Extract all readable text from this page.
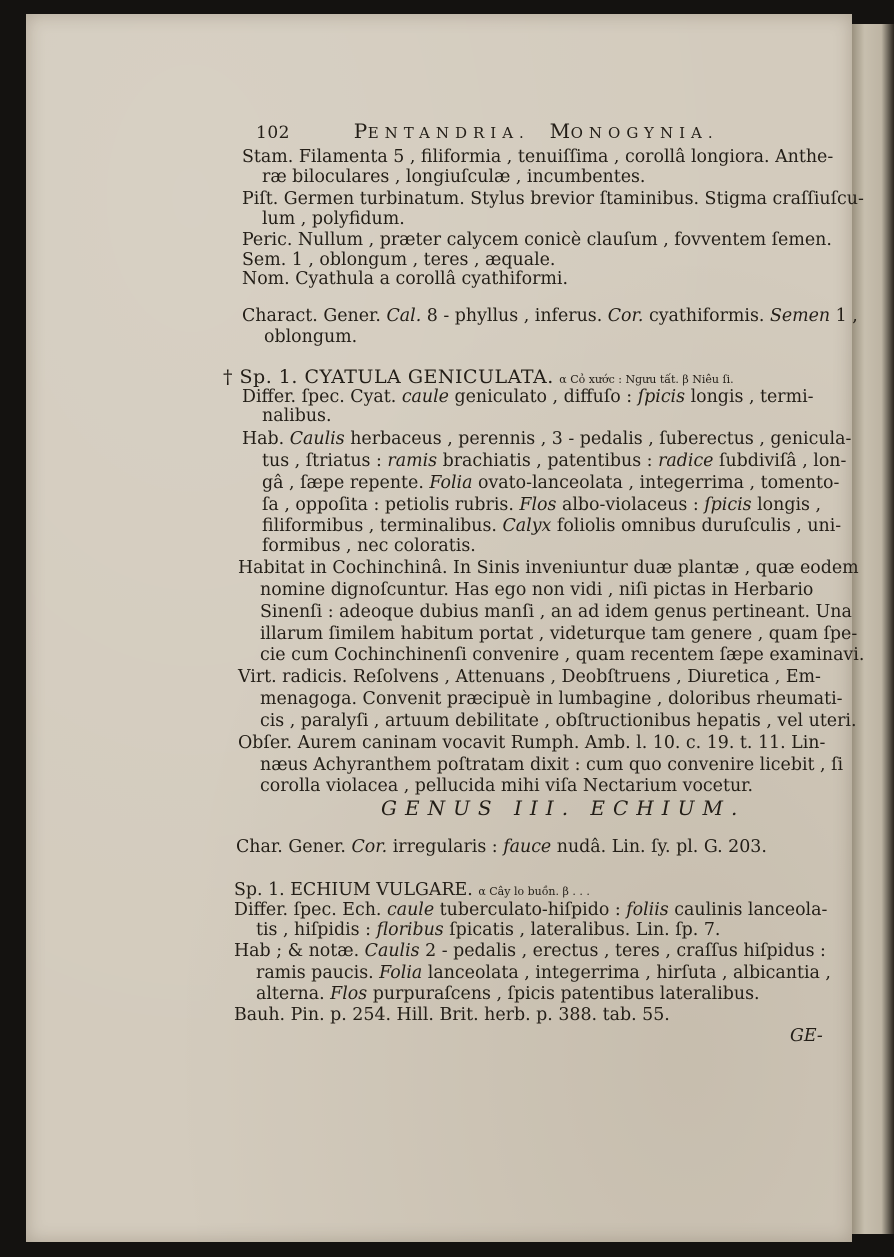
102	PENTANDRIA. MONOGYNIA.
Stam. Filamenta 5 , filiformia , tenuiſſima , corollâ longiora. Anthe-
ræ biloculares , longiuſculæ , incumbentes.
Piſt. Germen turbinatum. Stylus brevior ſtaminibus. Stigma craſſiuſcu-
lum , polyfidum.
Peric. Nullum , præter calycem conicè clauſum , fovventem ſemen.
Sem. 1 , oblongum , teres , æquale.
Nom. Cyathula a corollâ cyathiformi.
Charact. Gener. Cal. 8 - phyllus , inferus. Cor. cyathiformis. Semen 1 ,
oblongum.
† Sp. 1. CYATULA GENICULATA. α Cỏ xước : Ngưu tất. β Niêu ſi.
Differ. ſpec. Cyat. caule geniculato , diffuſo : ſpicis longis , termi-
nalibus.
Hab. Caulis herbaceus , perennis , 3 - pedalis , ſuberectus , genicula-
tus , ſtriatus : ramis brachiatis , patentibus : radice ſubdiviſâ , lon-
gâ , ſæpe repente. Folia ovato-lanceolata , integerrima , tomento-
ſa , oppoſita : petiolis rubris. Flos albo-violaceus : ſpicis longis ,
filiformibus , terminalibus. Calyx foliolis omnibus duruſculis , uni-
formibus , nec coloratis.
Habitat in Cochinchinâ. In Sinis inveniuntur duæ plantæ , quæ eodem
nomine dignoſcuntur. Has ego non vidi , niſi pictas in Herbario
Sinenſi : adeoque dubius manſi , an ad idem genus pertineant. Una
illarum ſimilem habitum portat , videturque tam genere , quam ſpe-
cie cum Cochinchinenſi convenire , quam recentem ſæpe examinavi.
Virt. radicis. Reſolvens , Attenuans , Deobſtruens , Diuretica , Em-
menagoga. Convenit præcipuè in lumbagine , doloribus rheumati-
cis , paralyſi , artuum debilitate , obſtructionibus hepatis , vel uteri.
Obſer. Aurem caninam vocavit Rumph. Amb. l. 10. c. 19. t. 11. Lin-
næus Achyranthem poſtratam dixit : cum quo convenire licebit , ſi
corolla violacea , pellucida mihi viſa Nectarium vocetur.
GENUS III. ECHIUM.
Char. Gener. Cor. irregularis : fauce nudâ. Lin. ſy. pl. G. 203.
Sp. 1. ECHIUM VULGARE. α Cây lo buồn. β . . .
Differ. ſpec. Ech. caule tuberculato-hiſpido : foliis caulinis lanceola-
tis , hiſpidis : floribus ſpicatis , lateralibus. Lin. ſp. 7.
Hab ; & notæ. Caulis 2 - pedalis , erectus , teres , craſſus hiſpidus :
ramis paucis. Folia lanceolata , integerrima , hirſuta , albicantia ,
alterna. Flos purpuraſcens , ſpicis patentibus lateralibus.
Bauh. Pin. p. 254. Hill. Brit. herb. p. 388. tab. 55.
GE-
